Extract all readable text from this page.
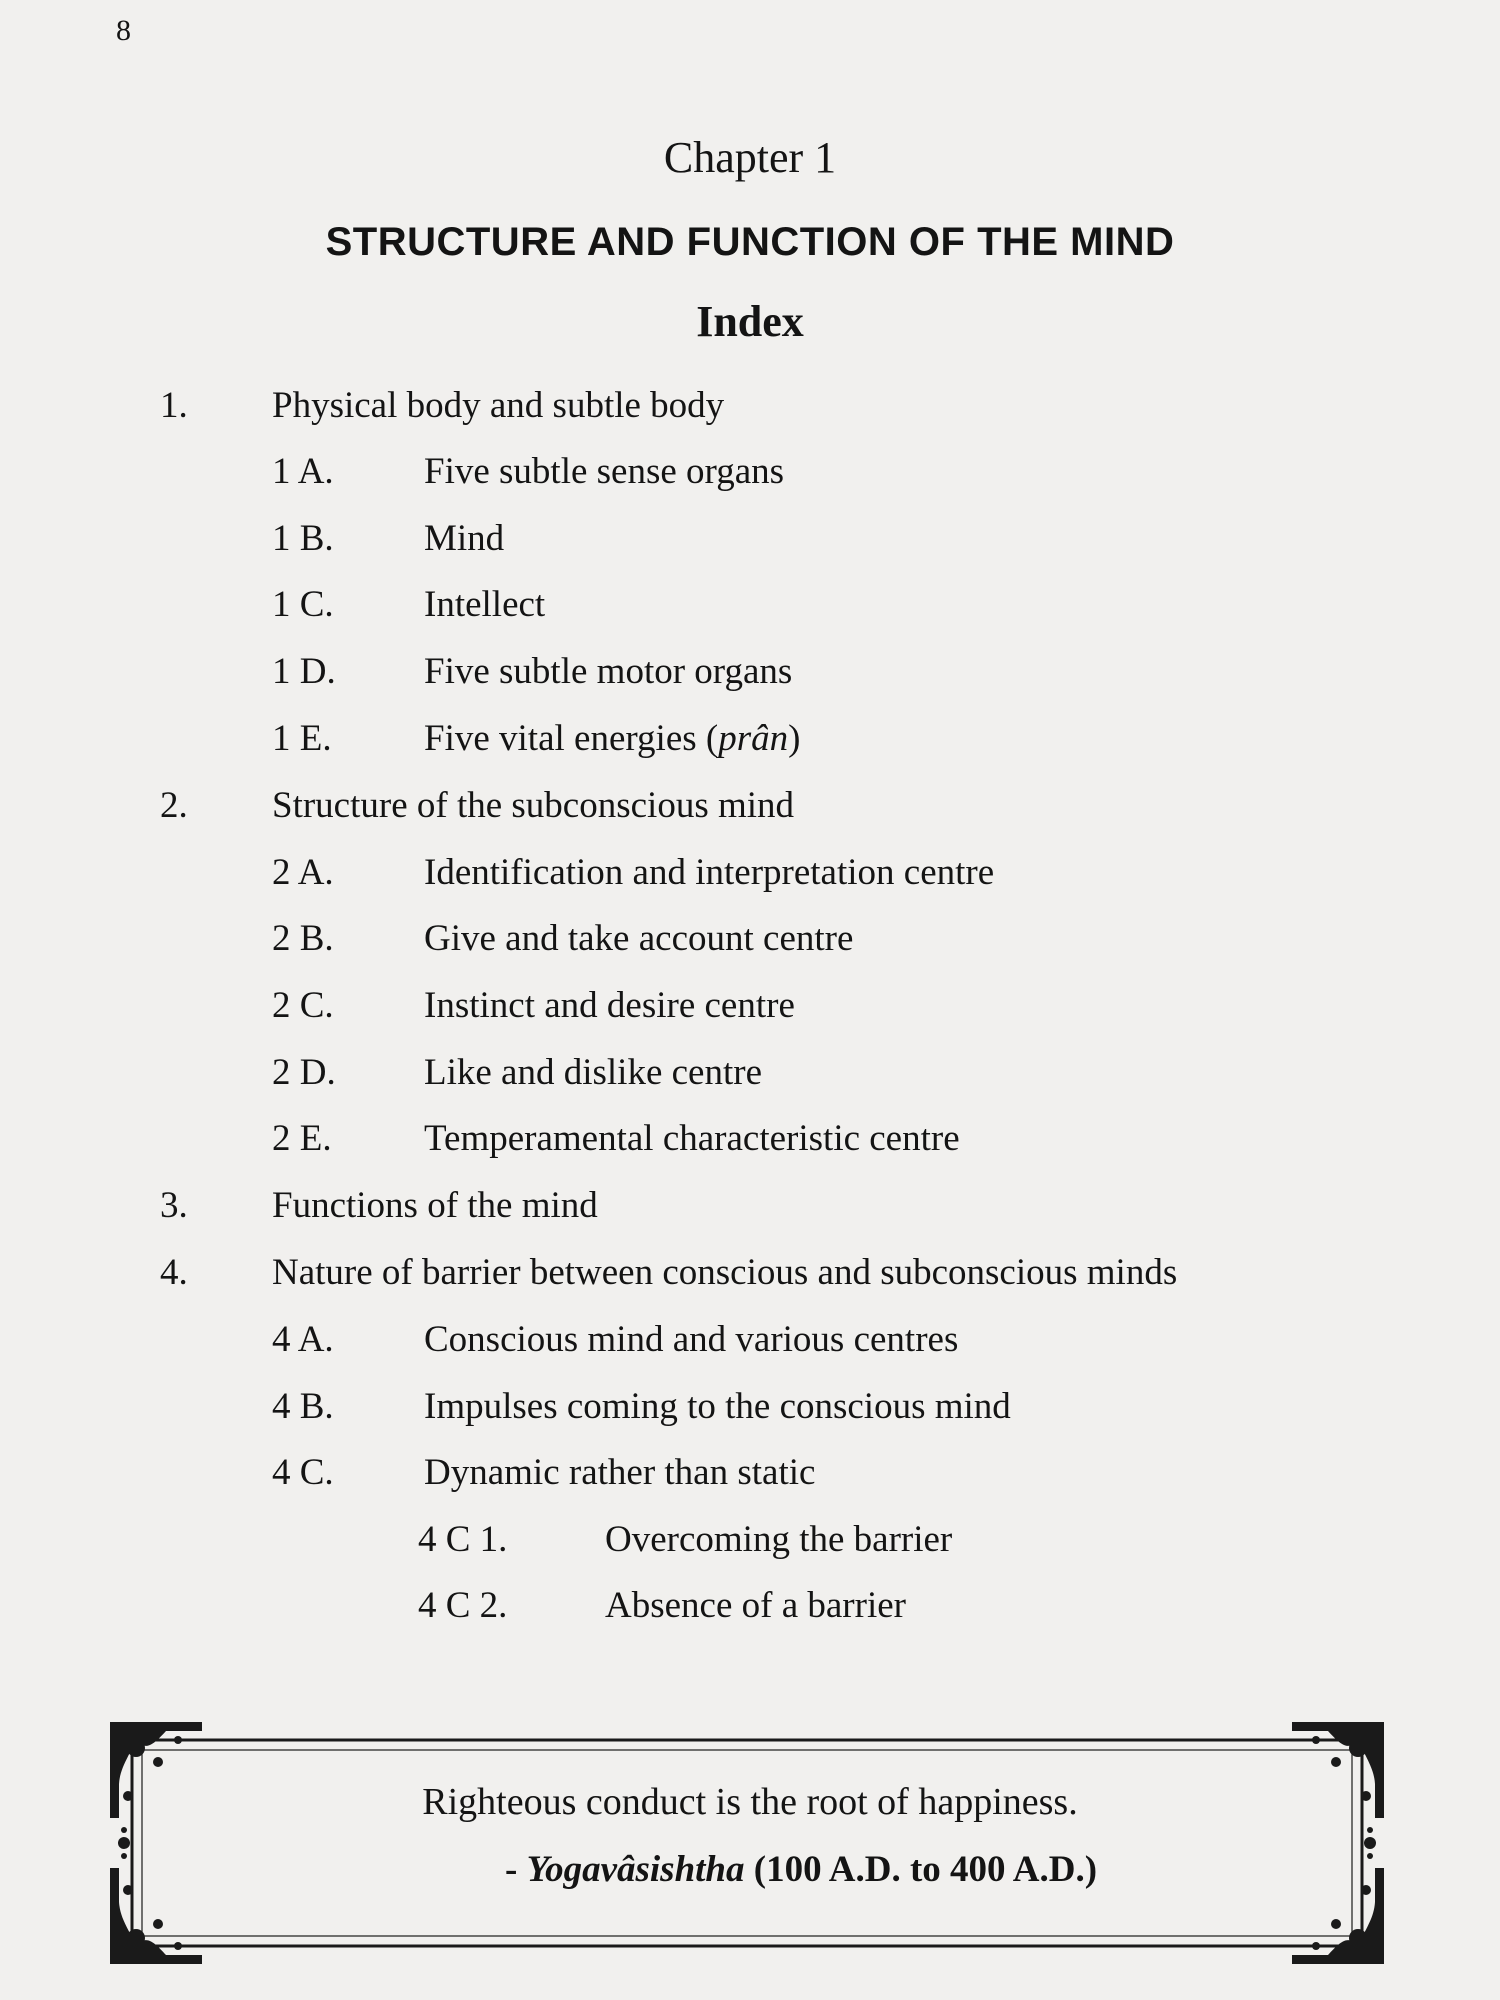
8
Chapter 1
STRUCTURE AND FUNCTION OF THE MIND
Index
1. Physical body and subtle body
1 A. Five subtle sense organs
1 B. Mind
1 C. Intellect
1 D. Five subtle motor organs
1 E. Five vital energies (prân)
2. Structure of the subconscious mind
2 A. Identification and interpretation centre
2 B. Give and take account centre
2 C. Instinct and desire centre
2 D. Like and dislike centre
2 E. Temperamental characteristic centre
3. Functions of the mind
4. Nature of barrier between conscious and subconscious minds
4 A. Conscious mind and various centres
4 B. Impulses coming to the conscious mind
4 C. Dynamic rather than static
4 C 1.	Overcoming the barrier
4 C 2.	Absence of a barrier
Righteous conduct is the root of happiness.
- Yogavâsishtha (100 A.D. to 400 A.D.)
